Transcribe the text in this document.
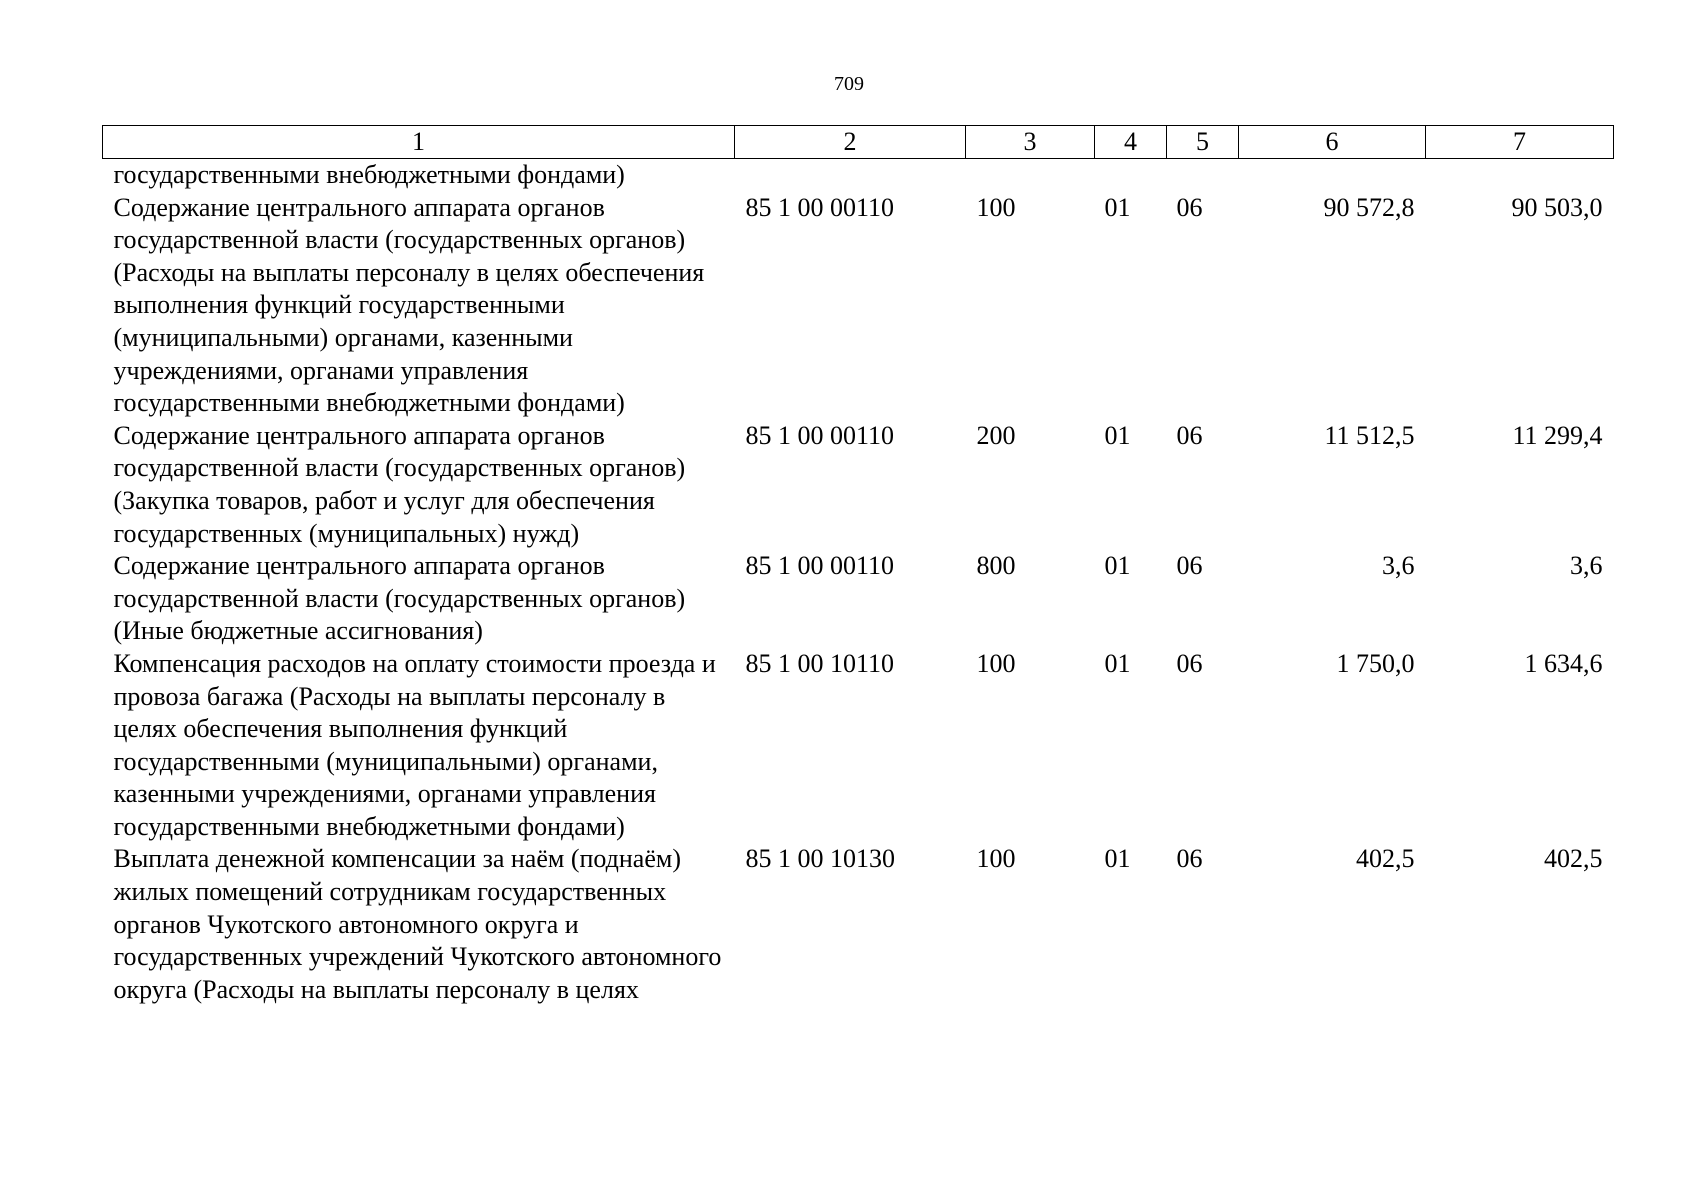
709
1	2	3	4	5	6	7
государственными внебюджетными фондами)						
Содержание центрального аппарата органов государственной власти (государственных органов) (Расходы на выплаты персоналу в целях обеспечения выполнения функций государственными (муниципальными) органами, казенными учреждениями, органами управления государственными внебюджетными фондами)	85 1 00 00110	100	01	06	90 572,8	90 503,0
Содержание центрального аппарата органов государственной власти (государственных органов) (Закупка товаров, работ и услуг для обеспечения государственных (муниципальных) нужд)	85 1 00 00110	200	01	06	11 512,5	11 299,4
Содержание центрального аппарата органов государственной власти (государственных органов) (Иные бюджетные ассигнования)	85 1 00 00110	800	01	06	3,6	3,6
Компенсация расходов на оплату стоимости проезда и провоза багажа (Расходы на выплаты персоналу в целях обеспечения выполнения функций государственными (муниципальными) органами, казенными учреждениями, органами управления государственными внебюджетными фондами)	85 1 00 10110	100	01	06	1 750,0	1 634,6
Выплата денежной компенсации за наём (поднаём) жилых помещений сотрудникам государственных органов Чукотского автономного округа и государственных учреждений Чукотского автономного округа (Расходы на выплаты персоналу в целях	85 1 00 10130	100	01	06	402,5	402,5
